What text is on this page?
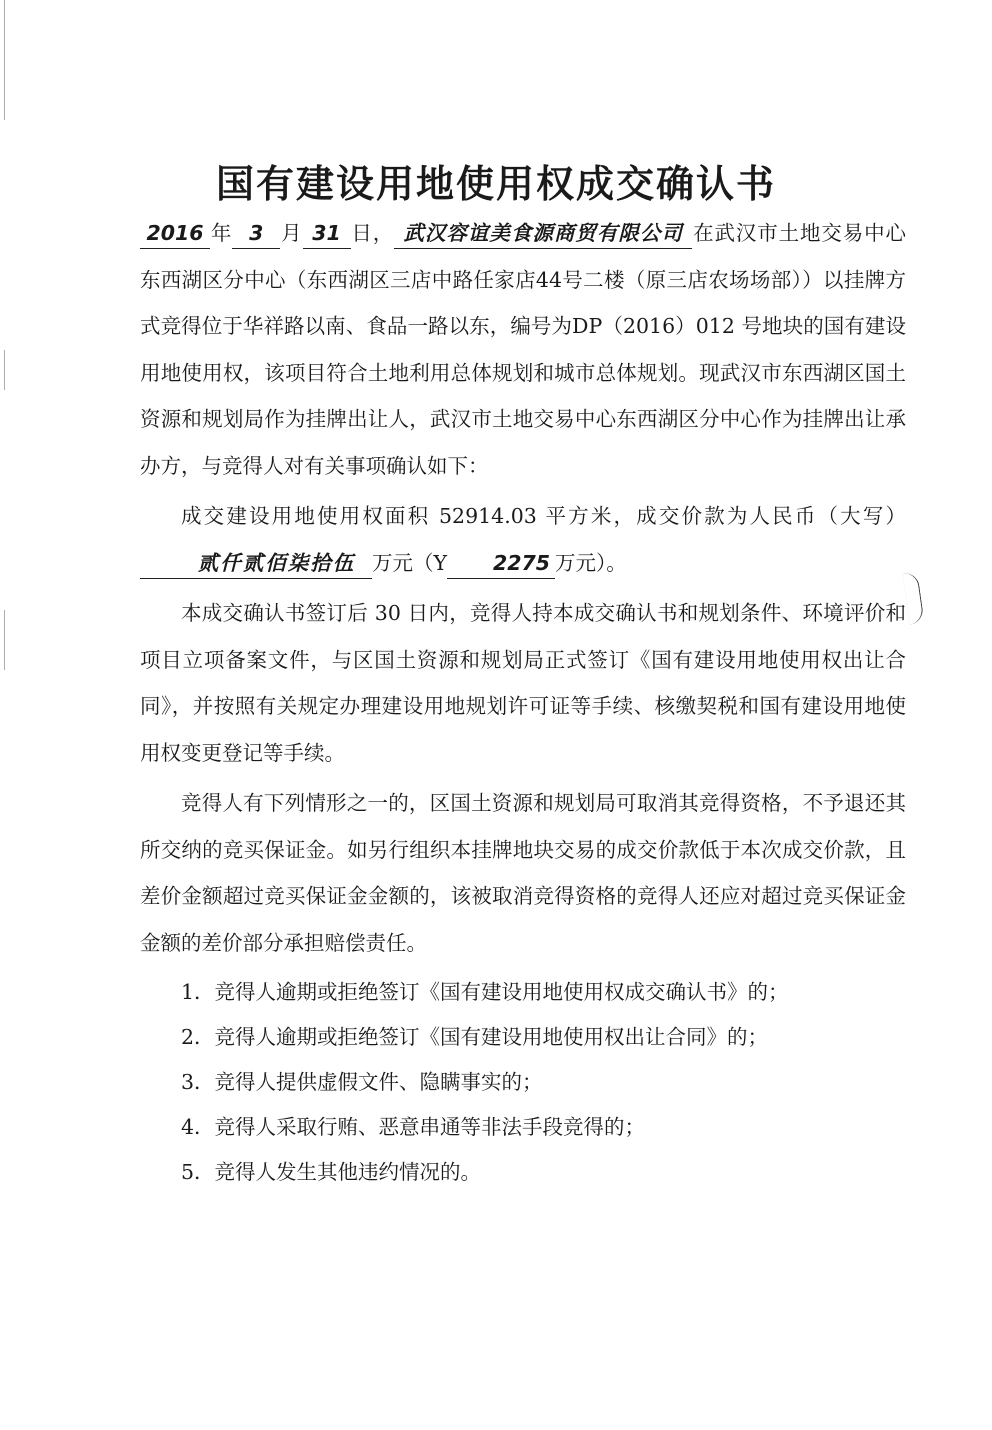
国有建设用地使用权成交确认书

2016 年 3 月 31 日， 武汉容谊美食源商贸有限公司 在武汉市土地交易中心东西湖区分中心（东西湖区三店中路任家店44号二楼（原三店农场场部））以挂牌方式竞得位于华祥路以南、食品一路以东，编号为DP（2016）012 号地块的国有建设用地使用权，该项目符合土地利用总体规划和城市总体规划。现武汉市东西湖区国土资源和规划局作为挂牌出让人，武汉市土地交易中心东西湖区分中心作为挂牌出让承办方，与竞得人对有关事项确认如下：

成交建设用地使用权面积 52914.03 平方米，成交价款为人民币（大写）贰仟贰佰柒拾伍 万元（Y 2275 万元）。

本成交确认书签订后 30 日内，竞得人持本成交确认书和规划条件、环境评价和项目立项备案文件，与区国土资源和规划局正式签订《国有建设用地使用权出让合同》，并按照有关规定办理建设用地规划许可证等手续、核缴契税和国有建设用地使用权变更登记等手续。

竞得人有下列情形之一的，区国土资源和规划局可取消其竞得资格，不予退还其所交纳的竞买保证金。如另行组织本挂牌地块交易的成交价款低于本次成交价款，且差价金额超过竞买保证金金额的，该被取消竞得资格的竞得人还应对超过竞买保证金金额的差价部分承担赔偿责任。

1．竞得人逾期或拒绝签订《国有建设用地使用权成交确认书》的；

2．竞得人逾期或拒绝签订《国有建设用地使用权出让合同》的；

3．竞得人提供虚假文件、隐瞒事实的；

4．竞得人采取行贿、恶意串通等非法手段竞得的；

5．竞得人发生其他违约情况的。
